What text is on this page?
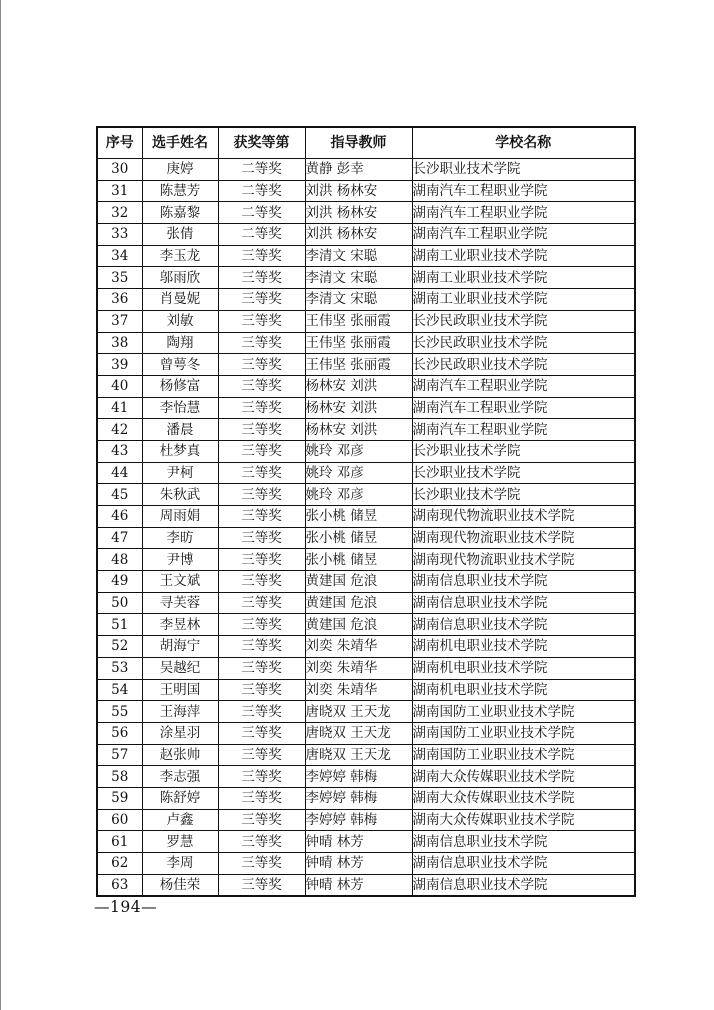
序号	选手姓名	获奖等第	指导教师	学校名称
30	庚婷	二等奖	黄静 彭幸	长沙职业技术学院
31	陈慧芳	二等奖	刘洪 杨林安	湖南汽车工程职业学院
32	陈嘉黎	二等奖	刘洪 杨林安	湖南汽车工程职业学院
33	张倩	二等奖	刘洪 杨林安	湖南汽车工程职业学院
34	李玉龙	三等奖	李清文 宋聪	湖南工业职业技术学院
35	邬雨欣	三等奖	李清文 宋聪	湖南工业职业技术学院
36	肖曼妮	三等奖	李清文 宋聪	湖南工业职业技术学院
37	刘敏	三等奖	王伟坚 张丽霞	长沙民政职业技术学院
38	陶翔	三等奖	王伟坚 张丽霞	长沙民政职业技术学院
39	曾萼冬	三等奖	王伟坚 张丽霞	长沙民政职业技术学院
40	杨修富	三等奖	杨林安 刘洪	湖南汽车工程职业学院
41	李怡慧	三等奖	杨林安 刘洪	湖南汽车工程职业学院
42	潘晨	三等奖	杨林安 刘洪	湖南汽车工程职业学院
43	杜梦真	三等奖	姚玲 邓彦	长沙职业技术学院
44	尹柯	三等奖	姚玲 邓彦	长沙职业技术学院
45	朱秋武	三等奖	姚玲 邓彦	长沙职业技术学院
46	周雨娟	三等奖	张小桃 储昱	湖南现代物流职业技术学院
47	李昉	三等奖	张小桃 储昱	湖南现代物流职业技术学院
48	尹博	三等奖	张小桃 储昱	湖南现代物流职业技术学院
49	王文斌	三等奖	黄建国 危浪	湖南信息职业技术学院
50	寻芙蓉	三等奖	黄建国 危浪	湖南信息职业技术学院
51	李昱林	三等奖	黄建国 危浪	湖南信息职业技术学院
52	胡海宁	三等奖	刘奕 朱靖华	湖南机电职业技术学院
53	吴越纪	三等奖	刘奕 朱靖华	湖南机电职业技术学院
54	王明国	三等奖	刘奕 朱靖华	湖南机电职业技术学院
55	王海萍	三等奖	唐晓双 王天龙	湖南国防工业职业技术学院
56	涂星羽	三等奖	唐晓双 王天龙	湖南国防工业职业技术学院
57	赵张帅	三等奖	唐晓双 王天龙	湖南国防工业职业技术学院
58	李志强	三等奖	李婷婷 韩梅	湖南大众传媒职业技术学院
59	陈舒婷	三等奖	李婷婷 韩梅	湖南大众传媒职业技术学院
60	卢鑫	三等奖	李婷婷 韩梅	湖南大众传媒职业技术学院
61	罗慧	三等奖	钟晴 林芳	湖南信息职业技术学院
62	李周	三等奖	钟晴 林芳	湖南信息职业技术学院
63	杨佳荣	三等奖	钟晴 林芳	湖南信息职业技术学院
—194—
